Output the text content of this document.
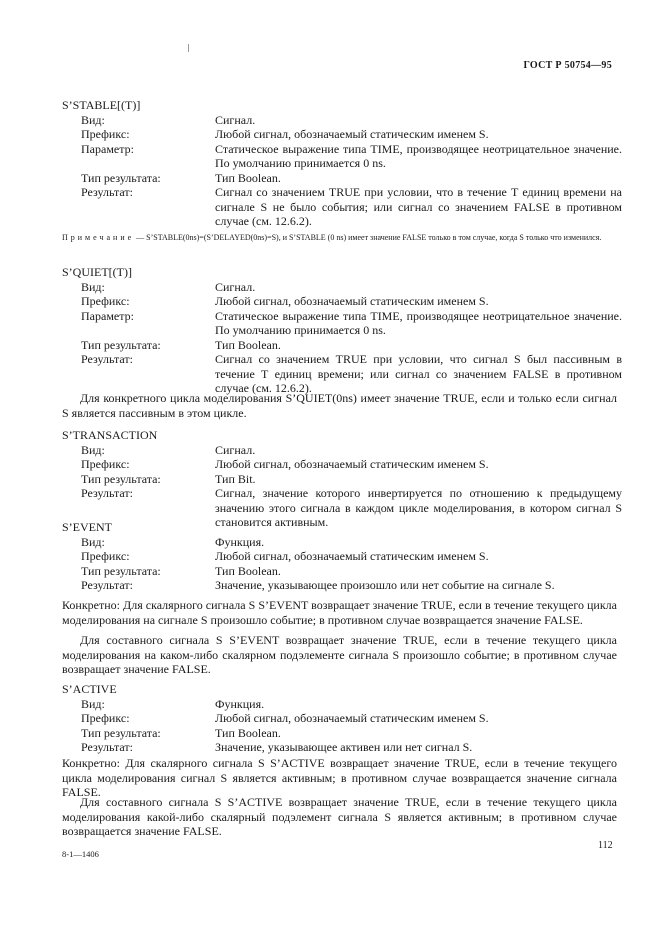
ГОСТ Р 50754—95
S’STABLE[(T)]
Вид:	Сигнал.
Префикс:	Любой сигнал, обозначаемый статическим именем S.
Параметр:	Статическое выражение типа TIME, производящее неотрицательное значение. По умолчанию принимается 0 ns.
Тип результата:	Тип Boolean.
Результат:	Сигнал со значением TRUE при условии, что в течение Т единиц времени на сигнале S не было события; или сигнал со значением FALSE в противном случае (см. 12.6.2).
Примечание — S’STABLE(0ns)=(S’DELAYED(0ns)=S), и S’STABLE (0 ns) имеет значение FALSE только в том случае, когда S только что изменился.
S’QUIET[(T)]
Вид:	Сигнал.
Префикс:	Любой сигнал, обозначаемый статическим именем S.
Параметр:	Статическое выражение типа TIME, производящее неотрицательное значение. По умолчанию принимается 0 ns.
Тип результата:	Тип Boolean.
Результат:	Сигнал со значением TRUE при условии, что сигнал S был пассивным в течение Т единиц времени; или сигнал со значением FALSE в противном случае (см. 12.6.2).
Для конкретного цикла моделирования S’QUIET(0ns) имеет значение TRUE, если и только если сигнал S является пассивным в этом цикле.
S’TRANSACTION
Вид:	Сигнал.
Префикс:	Любой сигнал, обозначаемый статическим именем S.
Тип результата:	Тип Bit.
Результат:	Сигнал, значение которого инвертируется по отношению к предыдущему значению этого сигнала в каждом цикле моделирования, в котором сигнал S становится активным.
S’EVENT
Вид:	Функция.
Префикс:	Любой сигнал, обозначаемый статическим именем S.
Тип результата:	Тип Boolean.
Результат:	Значение, указывающее произошло или нет событие на сигнале S.
Конкретно: Для скалярного сигнала S S’EVENT возвращает значение TRUE, если в течение текущего цикла моделирования на сигнале S произошло событие; в противном случае возвращается значение FALSE.
Для составного сигнала S S’EVENT возвращает значение TRUE, если в течение текущего цикла моделирования на каком-либо скалярном подэлементе сигнала S произошло событие; в противном случае возвращает значение FALSE.
S’ACTIVE
Вид:	Функция.
Префикс:	Любой сигнал, обозначаемый статическим именем S.
Тип результата:	Тип Boolean.
Результат:	Значение, указывающее активен или нет сигнал S.
Конкретно: Для скалярного сигнала S S’ACTIVE возвращает значение TRUE, если в течение текущего цикла моделирования сигнал S является активным; в противном случае возвращается значение сигнала FALSE.
Для составного сигнала S S’ACTIVE возвращает значение TRUE, если в течение текущего цикла моделирования какой-либо скалярный подэлемент сигнала S является активным; в противном случае возвращается значение FALSE.
8-1—1406
112
